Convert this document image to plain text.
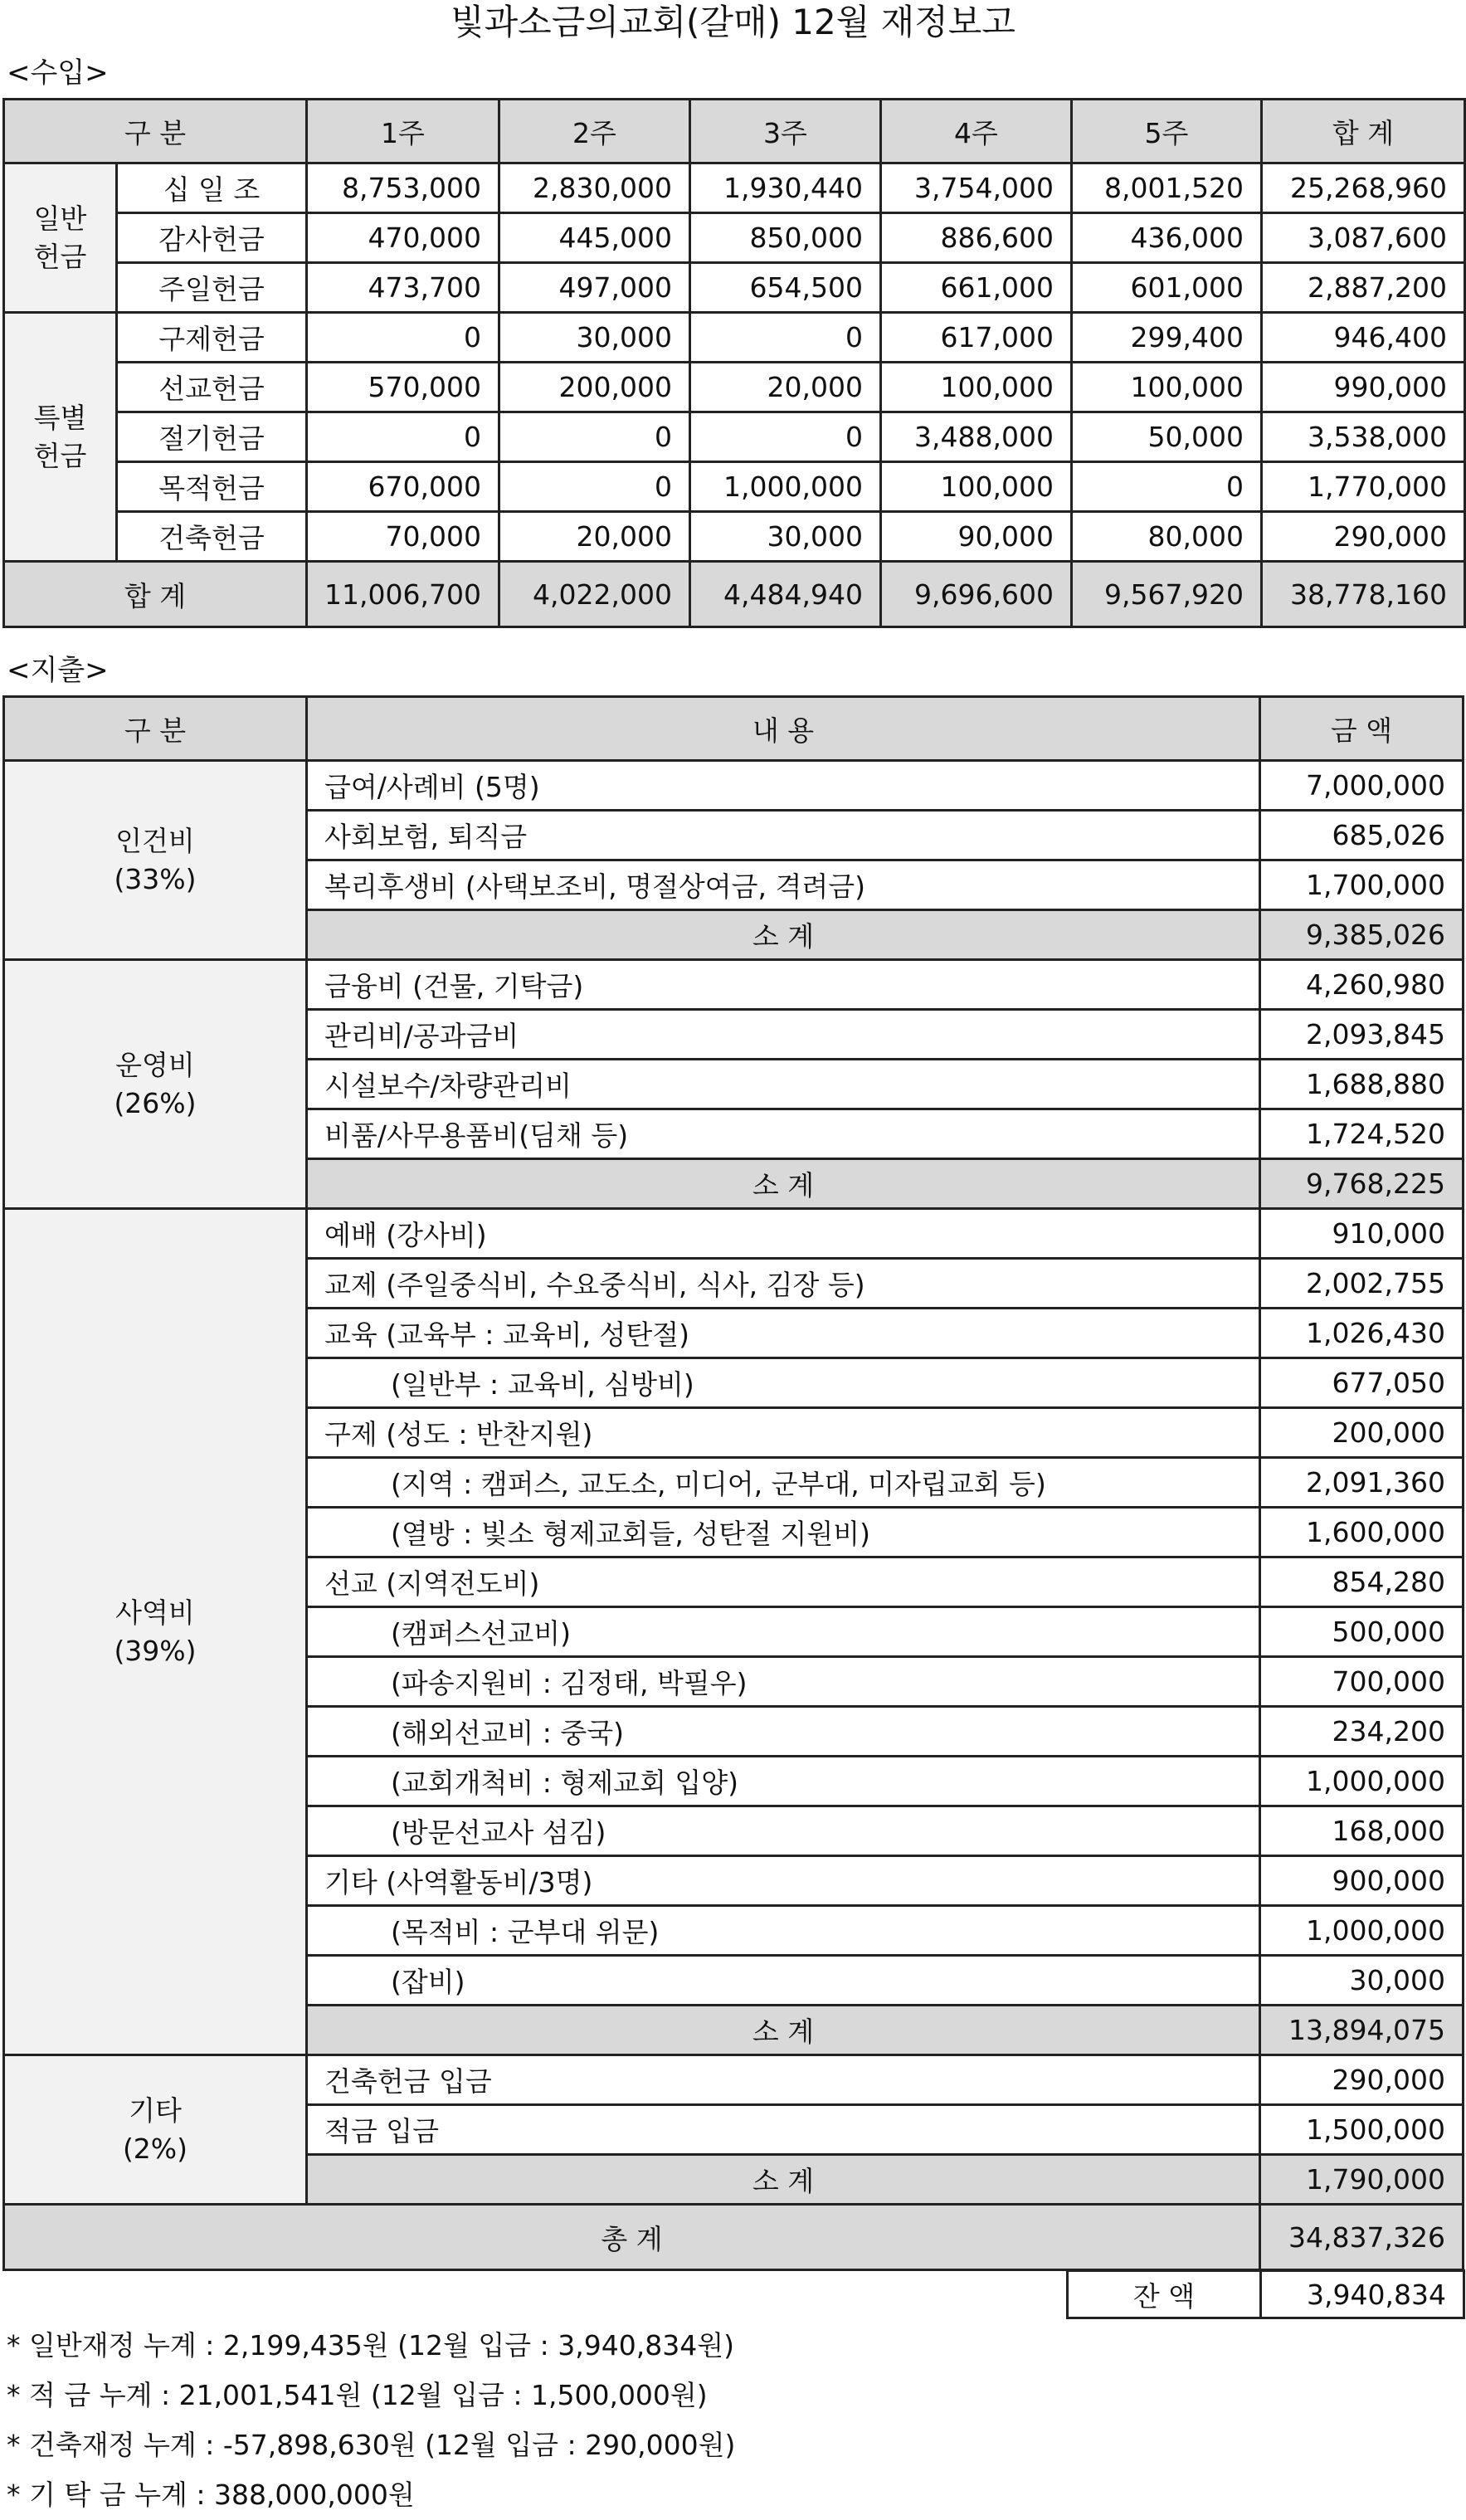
빛과소금의교회(갈매) 12월 재정보고
<수입>
구 분		1주	2주	3주	4주	5주	합 계
일반
헌금	십 일 조	8,753,000	2,830,000	1,930,440	3,754,000	8,001,520	25,268,960
	감사헌금	470,000	445,000	850,000	886,600	436,000	3,087,600
	주일헌금	473,700	497,000	654,500	661,000	601,000	2,887,200
특별
헌금	구제헌금	0	30,000	0	617,000	299,400	946,400
	선교헌금	570,000	200,000	20,000	100,000	100,000	990,000
	절기헌금	0	0	0	3,488,000	50,000	3,538,000
	목적헌금	670,000	0	1,000,000	100,000	0	1,770,000
	건축헌금	70,000	20,000	30,000	90,000	80,000	290,000
합 계		11,006,700	4,022,000	4,484,940	9,696,600	9,567,920	38,778,160
<지출>
구 분	내 용	금 액
인건비
(33%)	급여/사례비 (5명)	7,000,000
	사회보험, 퇴직금	685,026
	복리후생비 (사택보조비, 명절상여금, 격려금)	1,700,000
	소 계	9,385,026
운영비
(26%)	금융비 (건물, 기탁금)	4,260,980
	관리비/공과금비	2,093,845
	시설보수/차량관리비	1,688,880
	비품/사무용품비(딤채 등)	1,724,520
	소 계	9,768,225
사역비
(39%)	예배 (강사비)	910,000
	교제 (주일중식비, 수요중식비, 식사, 김장 등)	2,002,755
	교육 (교육부 : 교육비, 성탄절)	1,026,430
	(일반부 : 교육비, 심방비)	677,050
	구제 (성도 : 반찬지원)	200,000
	(지역 : 캠퍼스, 교도소, 미디어, 군부대, 미자립교회 등)	2,091,360
	(열방 : 빛소 형제교회들, 성탄절 지원비)	1,600,000
	선교 (지역전도비)	854,280
	(캠퍼스선교비)	500,000
	(파송지원비 : 김정태, 박필우)	700,000
	(해외선교비 : 중국)	234,200
	(교회개척비 : 형제교회 입양)	1,000,000
	(방문선교사 섬김)	168,000
	기타 (사역활동비/3명)	900,000
	(목적비 : 군부대 위문)	1,000,000
	(잡비)	30,000
	소 계	13,894,075
기타
(2%)	건축헌금 입금	290,000
	적금 입금	1,500,000
	소 계	1,790,000
총 계		34,837,326
잔 액	3,940,834
* 일반재정 누계 : 2,199,435원 (12월 입금 : 3,940,834원)
* 적 금 누계 : 21,001,541원 (12월 입금 : 1,500,000원)
* 건축재정 누계 : -57,898,630원 (12월 입금 : 290,000원)
* 기 탁 금 누계 : 388,000,000원
